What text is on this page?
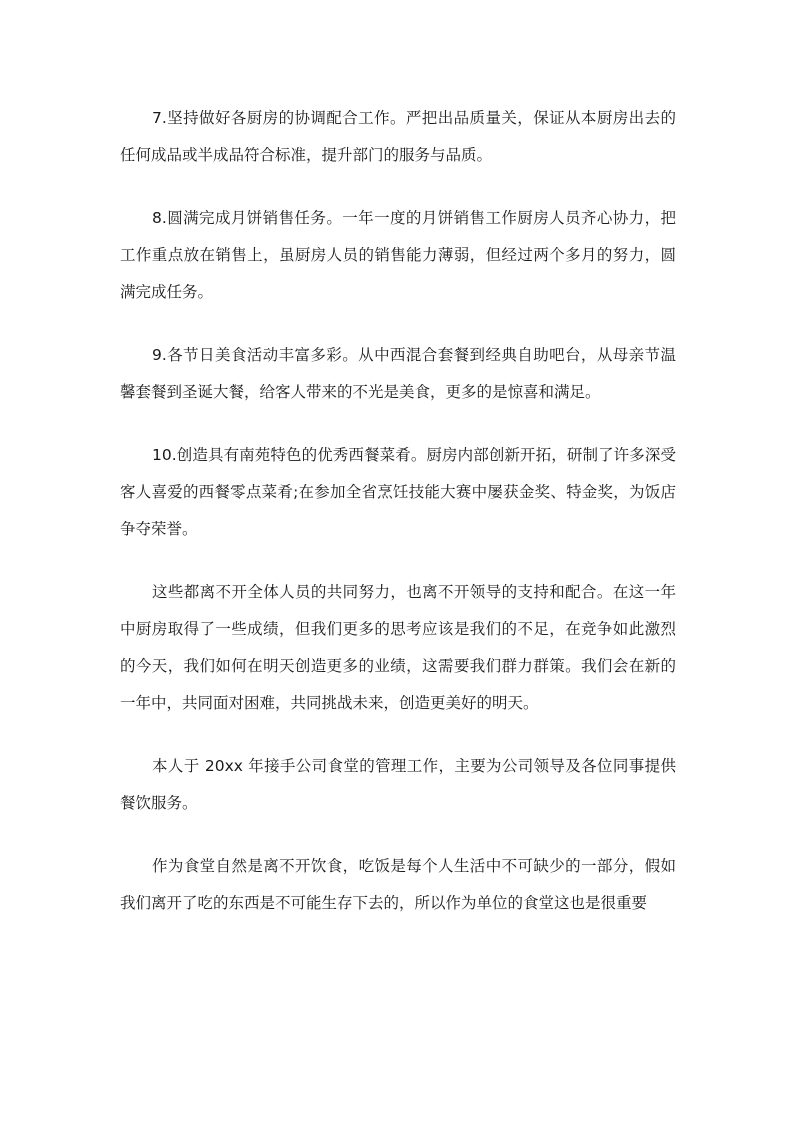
7.坚持做好各厨房的协调配合工作。严把出品质量关，保证从本厨房出去的任何成品或半成品符合标准，提升部门的服务与品质。

8.圆满完成月饼销售任务。一年一度的月饼销售工作厨房人员齐心协力，把工作重点放在销售上，虽厨房人员的销售能力薄弱，但经过两个多月的努力，圆满完成任务。

9.各节日美食活动丰富多彩。从中西混合套餐到经典自助吧台，从母亲节温馨套餐到圣诞大餐，给客人带来的不光是美食，更多的是惊喜和满足。

10.创造具有南苑特色的优秀西餐菜肴。厨房内部创新开拓，研制了许多深受客人喜爱的西餐零点菜肴;在参加全省烹饪技能大赛中屡获金奖、特金奖，为饭店争夺荣誉。

这些都离不开全体人员的共同努力，也离不开领导的支持和配合。在这一年中厨房取得了一些成绩，但我们更多的思考应该是我们的不足，在竞争如此激烈的今天，我们如何在明天创造更多的业绩，这需要我们群力群策。我们会在新的一年中，共同面对困难，共同挑战未来，创造更美好的明天。

本人于 20xx 年接手公司食堂的管理工作，主要为公司领导及各位同事提供餐饮服务。

作为食堂自然是离不开饮食，吃饭是每个人生活中不可缺少的一部分，假如我们离开了吃的东西是不可能生存下去的，所以作为单位的食堂这也是很重要
